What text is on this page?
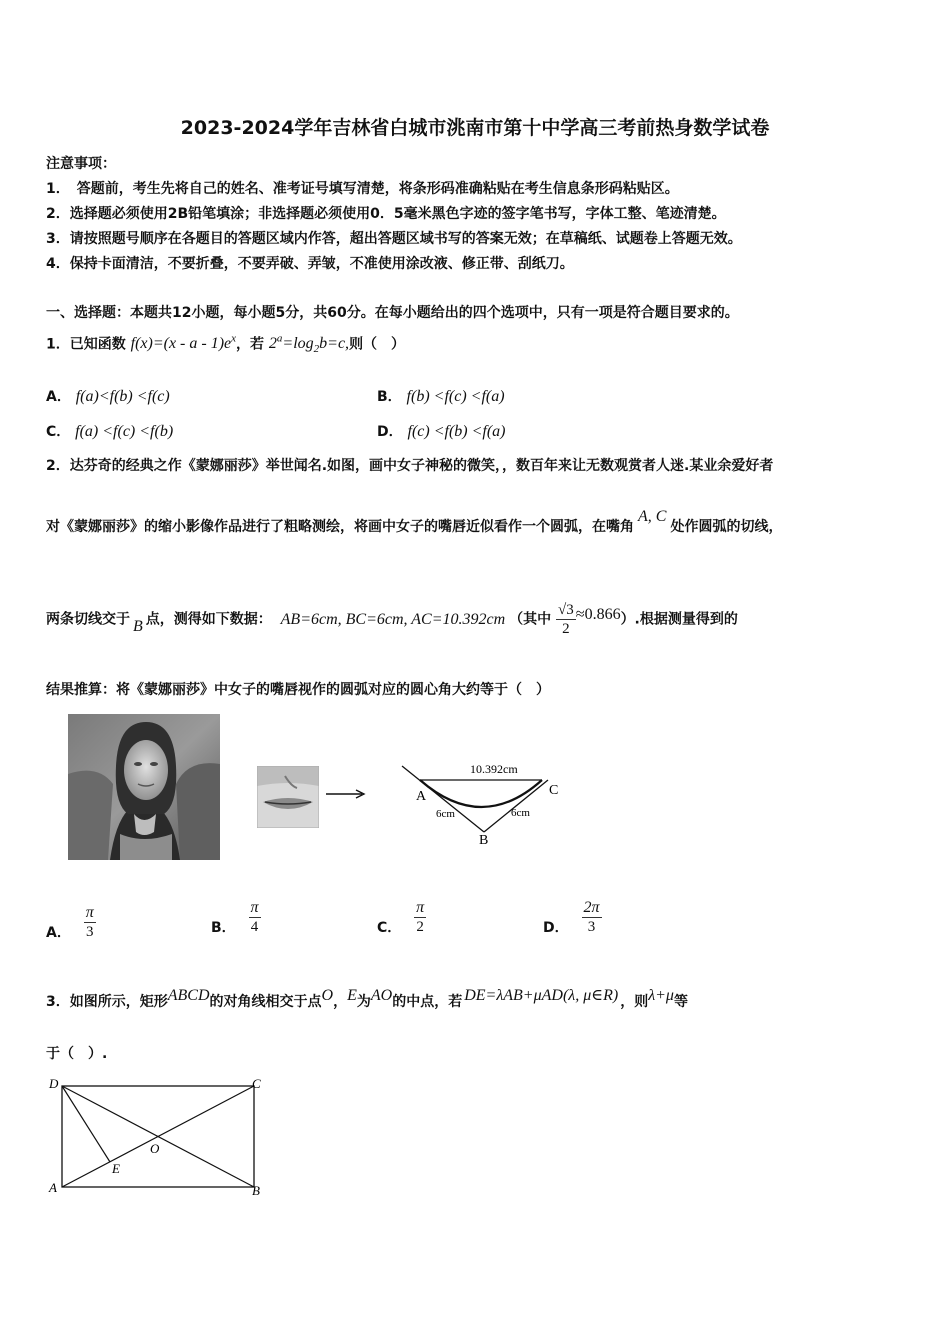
2023-2024学年吉林省白城市洮南市第十中学高三考前热身数学试卷
注意事项：
1．　答题前，考生先将自己的姓名、准考证号填写清楚，将条形码准确粘贴在考生信息条形码粘贴区。
2．选择题必须使用2B铅笔填涂；非选择题必须使用0．5毫米黑色字迹的签字笔书写，字体工整、笔迹清楚。
3．请按照题号顺序在各题目的答题区域内作答，超出答题区域书写的答案无效；在草稿纸、试题卷上答题无效。
4．保持卡面清洁，不要折叠，不要弄破、弄皱，不准使用涂改液、修正带、刮纸刀。
一、选择题：本题共12小题，每小题5分，共60分。在每小题给出的四个选项中，只有一项是符合题目要求的。
1．已知函数 $f(x)=(x - a - 1)e^x$，若 $2^a=\log_2b=c$,则（　）
A． f(a)<f(b) <f(c)	B． f(b) <f(c) <f(a)
C． f(a) <f(c) <f(b)	D． f(c) <f(b) <f(a)
2．达芬奇的经典之作《蒙娜丽莎》举世闻名.如图，画中女子神秘的微笑，，数百年来让无数观赏者人迷.某业余爱好者
对《蒙娜丽莎》的缩小影像作品进行了粗略测绘，将画中女子的嘴唇近似看作一个圆弧，在嘴角A, C处作圆弧的切线，
两条切线交于 B 点，测得如下数据： AB=6cm, BC=6cm, AC=10.392cm （其中 $\frac{√3}{2} \approx 0.866$）.根据测量得到的
结果推算：将《蒙娜丽莎》中女子的嘴唇视作的圆弧对应的圆心角大约等于（　）
10.392cm
A	C
B
6cm	6cm
A． $\frac{\pi}{3}$	B． $\frac{\pi}{4}$	C． $\frac{\pi}{2}$	D． $\frac{2\pi}{3}$
3．如图所示，矩形ABCD的对角线相交于点O，E为AO的中点，若 DE=λAB+μAD(λ, μ∈R) ，则λ+μ等
于（　）.
D	C
A	B
O
E
